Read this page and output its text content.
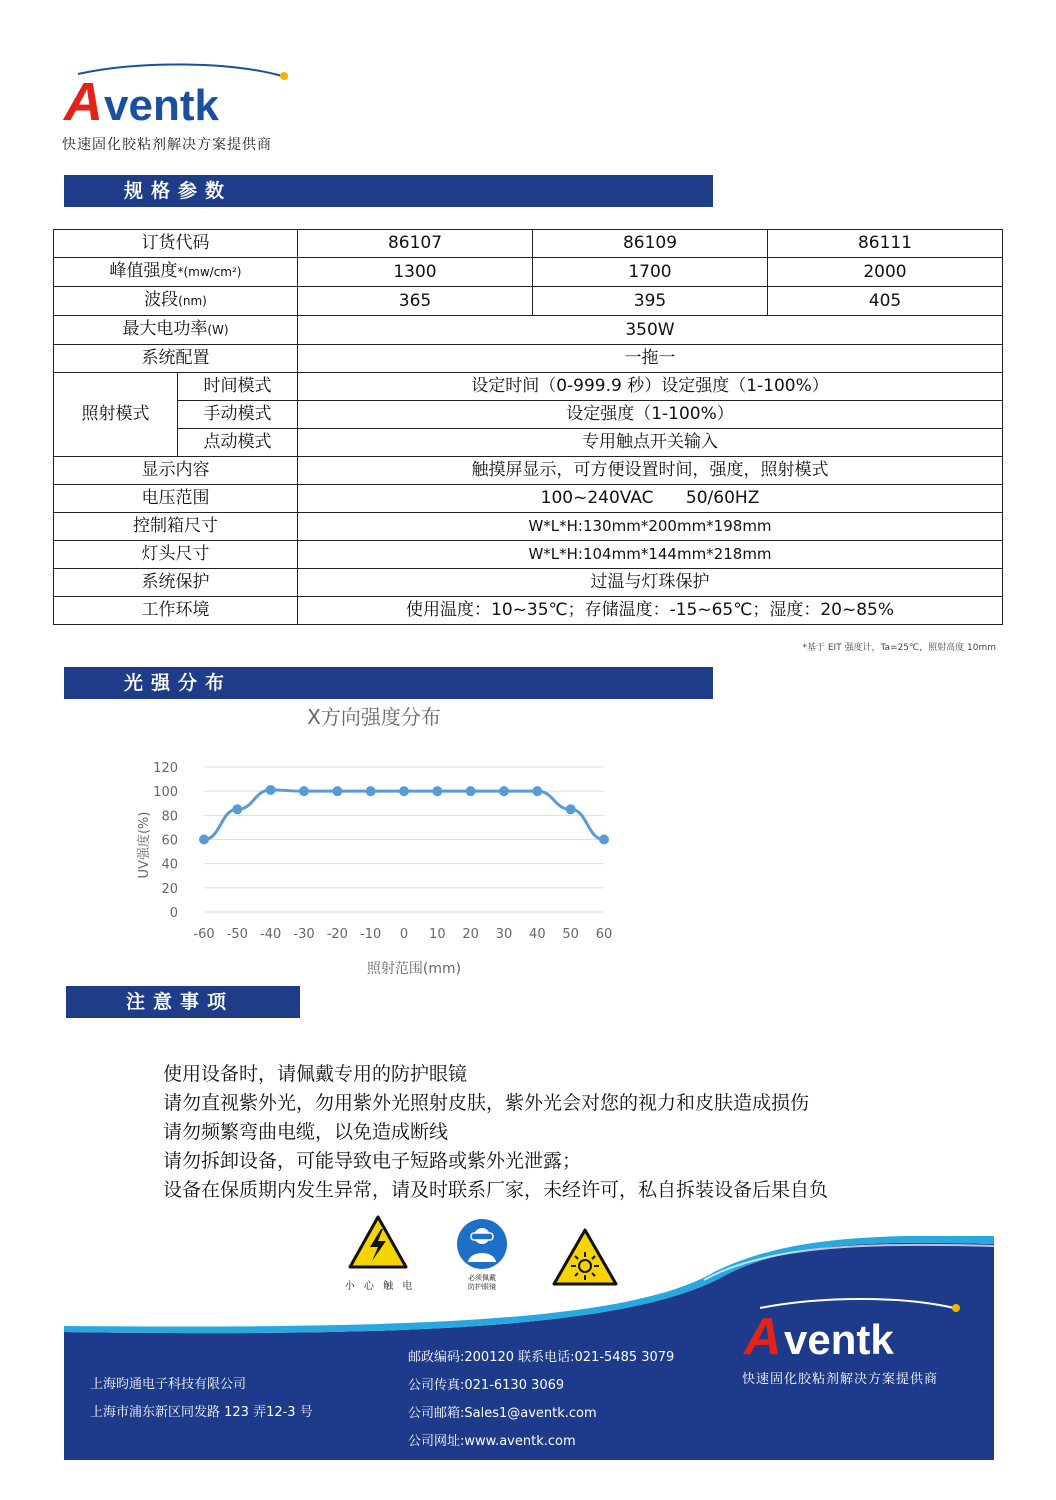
A ventk
快速固化胶粘剂解决方案提供商
规格参数
订货代码		86107	86109	86111
峰值强度*(mw/cm²)		1300	1700	2000
波段(nm)		365	395	405
最大电功率(W)		350W		
系统配置		一拖一		
照射模式	时间模式	设定时间（0-999.9 秒）设定强度（1-100%）		
	手动模式	设定强度（1-100%）		
	点动模式	专用触点开关输入		
显示内容		触摸屏显示，可方便设置时间，强度，照射模式		
电压范围		100~240VAC      50/60HZ		
控制箱尺寸		W*L*H:130mm*200mm*198mm		
灯头尺寸		W*L*H:104mm*144mm*218mm		
系统保护		过温与灯珠保护		
工作环境		使用温度：10~35℃；存储温度：-15~65℃；湿度：20~85%		
*基于 EIT 强度计，Ta=25℃，照射高度 10mm
光强分布
X方向强度分布
0
20
40
60
80
100
120
-60 -50 -40 -30 -20 -10 0 10 20 30 40 50 60
照射范围(mm)
UV强度(%)
注意事项
使用设备时，请佩戴专用的防护眼镜
请勿直视紫外光，勿用紫外光照射皮肤，紫外光会对您的视力和皮肤造成损伤
请勿频繁弯曲电缆，以免造成断线
请勿拆卸设备，可能导致电子短路或紫外光泄露；
设备在保质期内发生异常，请及时联系厂家，未经许可，私自拆装设备后果自负
小 心 触 电
必须佩戴
防护眼镜
上海昀通电子科技有限公司
上海市浦东新区同发路 123 弄12-3 号
邮政编码:200120 联系电话:021-5485 3079
公司传真:021-6130 3069
公司邮箱:Sales1@aventk.com
公司网址:www.aventk.com
A ventk
快速固化胶粘剂解决方案提供商
